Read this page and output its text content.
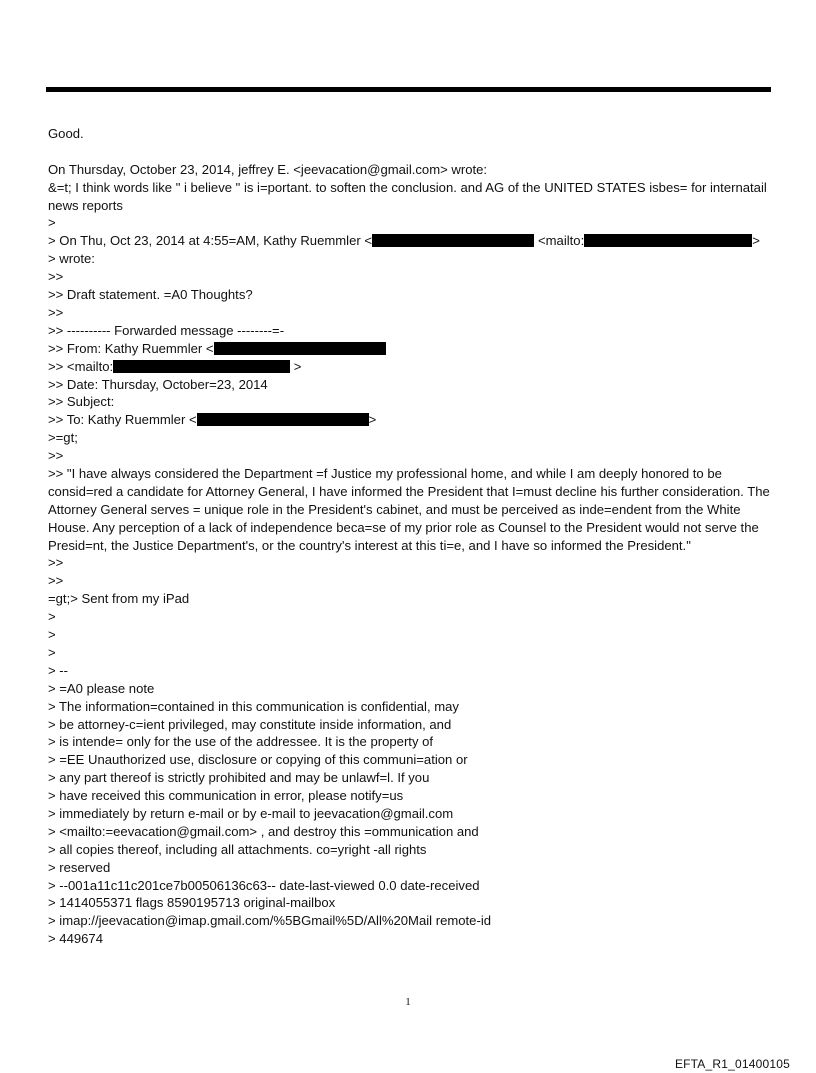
Good.
On Thursday, October 23, 2014, jeffrey E. <jeevacation@gmail.com> wrote:
&=t; I think words like " i believe " is i=portant. to soften the conclusion. and AG of the UNITED STATES isbes= for internatail news reports
>
> On Thu, Oct 23, 2014 at 4:55=AM, Kathy Ruemmler <	<mailto:	>
> wrote:
>>
>> Draft statement. =A0 Thoughts?
>>
>> ---------- Forwarded message --------=-
>> From: Kathy Ruemmler <
>> <mailto:	>
>> Date: Thursday, October=23, 2014
>> Subject:
>> To: Kathy Ruemmler <	>
>=gt;
>>
>> "I have always considered the Department =f Justice my professional home, and while I am deeply honored to be consid=red a candidate for Attorney General, I have informed the President that I=must decline his further consideration. The Attorney General serves = unique role in the President's cabinet, and must be perceived as inde=endent from the White House. Any perception of a lack of independence beca=se of my prior role as Counsel to the President would not serve the Presid=nt, the Justice Department's, or the country's interest at this ti=e, and I have so informed the President."
>>
>>
=gt;> Sent from my iPad
>
>
>
> --
> =A0 please note
> The information=contained in this communication is confidential, may
> be attorney-c=ient privileged, may constitute inside information, and
> is intende= only for the use of the addressee. It is the property of
> =EE Unauthorized use, disclosure or copying of this communi=ation or
> any part thereof is strictly prohibited and may be unlawf=l. If you
> have received this communication in error, please notify=us
> immediately by return e-mail or by e-mail to jeevacation@gmail.com
> <mailto:=eevacation@gmail.com> , and destroy this =ommunication and
> all copies thereof, including all attachments. co=yright -all rights
> reserved
> --001a11c11c201ce7b00506136c63-- date-last-viewed 0.0 date-received
> 1414055371 flags 8590195713 original-mailbox
> imap://jeevacation@imap.gmail.com/%5BGmail%5D/All%20Mail remote-id
> 449674
1
EFTA_R1_01400105
